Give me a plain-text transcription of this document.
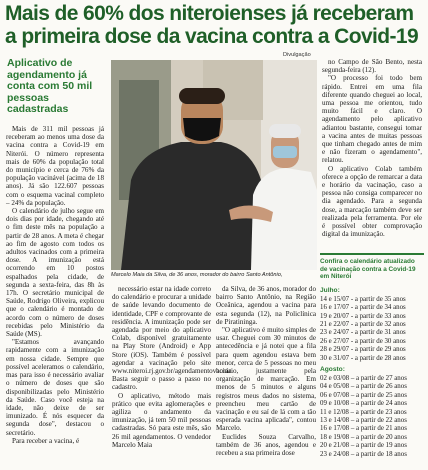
Mais de 60% dos niteroienses já receberam a primeira dose da vacina contra a Covid-19
Aplicativo de agendamento já conta com 50 mil pessoas cadastradas

Mais de 311 mil pessoas já receberam ao menos uma dose da vacina contra a Covid-19 em Niterói. O número representa mais de 60% da população total do município e cerca de 76% da população vacinável (acima de 18 anos). Já são 122.607 pessoas com o esquema vacinal completo – 24% da população.

O calendário de julho segue em dois dias por idade, chegando até o fim deste mês na população a partir de 28 anos. A meta é chegar ao fim de agosto com todos os adultos vacinados com a primeira dose. A imunização está ocorrendo em 10 postos espalhados pela cidade, de segunda a sexta-feira, das 8h às 17h. O secretário municipal de Saúde, Rodrigo Oliveira, explicou que o calendário é montado de acordo com o número de doses recebidas pelo Ministério da Saúde (MS).

"Estamos avançando rapidamente com a imunização em nossa cidade. Sempre que possível aceleramos o calendário, mas para isso é necessário avaliar o número de doses que são disponibilizadas pelo Ministério da Saúde. Caso você esteja na idade, não deixe de ser imunizado. É nós esquecer da segunda dose", destacou o secretário.

Para receber a vacina, é

Divulgação
Marcelo Maia da Silva, de 36 anos, morador do bairro Santo Antônio,

necessário estar na idade correto do calendário e procurar a unidade de saúde levando documento de identidade, CPF e comprovante de residência. A imunização pode ser agendada por meio do aplicativo Colab, disponível gratuitamente na Play Store (Android) e App Store (iOS). Também é possível agendar a vacinação pelo site www.niteroi.rj.gov.br/agendamentovacina. Basta seguir o passo a passo no cadastro.

O aplicativo, método mais prático que evita aglomerações e agiliza o andamento da imunização, já tem 50 mil pessoas cadastradas. Só para este mês, são 26 mil agendamentos. O vendedor Marcelo Maia

da Silva, de 36 anos, morador do bairro Santo Antônio, na Região Oceânica, agendou a vacina para esta segunda (12), na Policlínica de Piratininga.

"O aplicativo é muito simples de usar. Cheguei com 30 minutos de antecedência e já notei que a fila para quem agendou estava bem menor, cerca de 5 pessoas no meu horário, justamente pela organização de marcação. Em menos de 5 minutos e alguns registros meus dados no sistema, preencheu meu cartão de vacinação e eu saí de lá com a tão esperada vacina aplicada", contou Marcelo.

Euclides Souza Carvalho, também de 36 anos, agendou e recebeu a sua primeira dose

no Campo de São Bento, nesta segunda-feira (12).

"O processo foi todo bem rápido. Entrei em uma fila diferente quando cheguei ao local, uma pessoa me orientou, tudo muito fácil e claro. O agendamento pelo aplicativo adiantou bastante, consegui tomar a vacina antes de muitas pessoas que tinham chegado antes de mim e não fizeram o agendamento", relatou.

O aplicativo Colab também oferece a opção de remarcar a data e horário da vacinação, caso a pessoa não consiga comparecer no dia agendado. Para a segunda dose, a marcação também deve ser realizada pela ferramenta. Por ele é possível obter comprovação digital da imunização.

Confira o calendário atualizado de vacinação contra a Covid-19 em Niterói
Julho:
14 e 15/07 - a partir de 35 anos
16 e 17/07 - a partir de 34 anos
19 e 20/07 - a partir de 33 anos
21 e 22/07 - a partir de 32 anos
23 e 24/07 - a partir de 31 anos
26 e 27/07 - a partir de 30 anos
28 e 29/07 - a partir de 29 anos
30 e 31/07 - a partir de 28 anos
Agosto:
02 e 03/08 – a partir de 27 anos
04 e 05/08 – a partir de 26 anos
06 e 07/08 – a partir de 25 anos
09 e 10/08 – a partir de 24 anos
11 e 12/08 – a partir de 23 anos
13 e 14/08 – a partir de 22 anos
16 e 17/08 – a partir de 21 anos
18 e 19/08 – a partir de 20 anos
20 e 21/08 – a partir de 19 anos
23 e 24/08 – a partir de 18 anos
